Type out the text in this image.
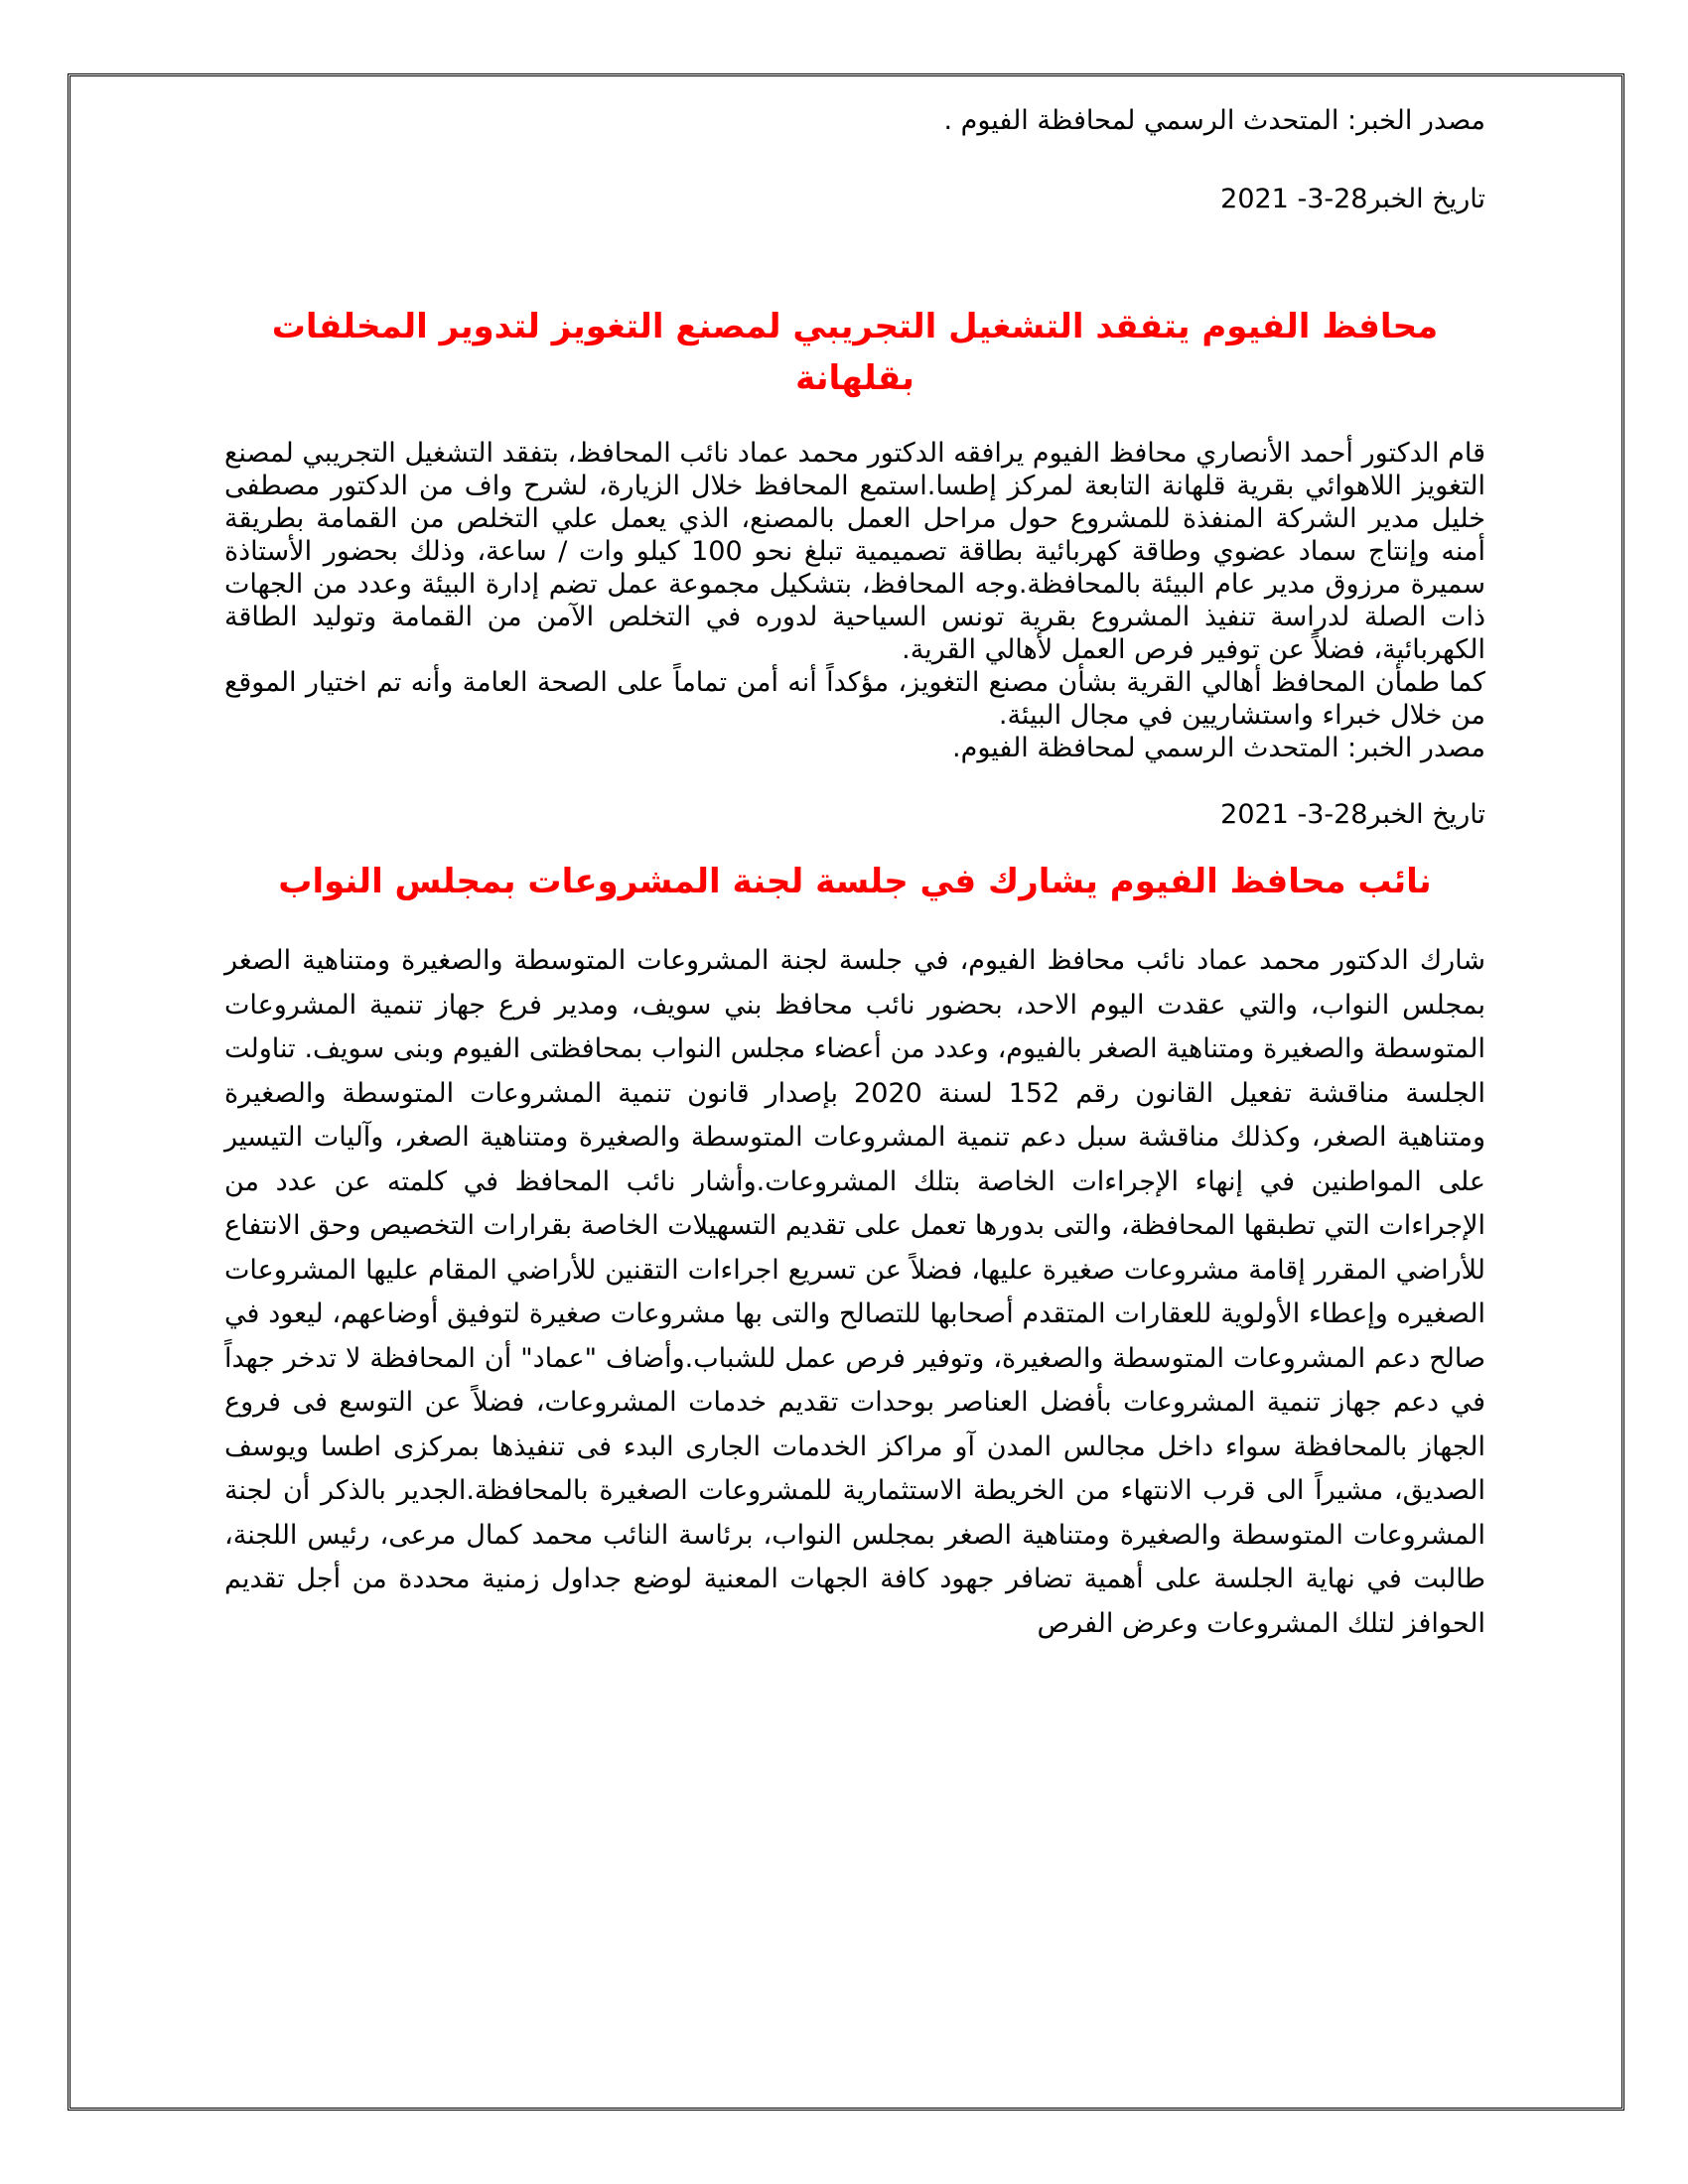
مصدر الخبر: المتحدث الرسمي لمحافظة الفيوم .

تاريخ الخبر28-3- 2021

محافظ الفيوم يتفقد التشغيل التجريبي لمصنع التغويز لتدوير المخلفات بقلهانة

قام الدكتور أحمد الأنصاري محافظ الفيوم يرافقه الدكتور محمد عماد نائب المحافظ، بتفقد التشغيل التجريبي لمصنع التغويز اللاهوائي بقرية قلهانة التابعة لمركز إطسا.استمع المحافظ خلال الزيارة، لشرح واف من الدكتور مصطفى خليل مدير الشركة المنفذة للمشروع حول مراحل العمل بالمصنع، الذي يعمل علي التخلص من القمامة بطريقة أمنه وإنتاج سماد عضوي وطاقة كهربائية بطاقة تصميمية تبلغ نحو 100 كيلو وات / ساعة، وذلك بحضور الأستاذة سميرة مرزوق مدير عام البيئة بالمحافظة.وجه المحافظ، بتشكيل مجموعة عمل تضم إدارة البيئة وعدد من الجهات ذات الصلة لدراسة تنفيذ المشروع بقرية تونس السياحية لدوره في التخلص الآمن من القمامة وتوليد الطاقة الكهربائية، فضلاً عن توفير فرص العمل لأهالي القرية.

كما طمأن المحافظ أهالي القرية بشأن مصنع التغويز، مؤكداً أنه أمن تماماً على الصحة العامة وأنه تم اختيار الموقع من خلال خبراء واستشاريين في مجال البيئة.

مصدر الخبر: المتحدث الرسمي لمحافظة الفيوم.

تاريخ الخبر28-3- 2021

نائب محافظ الفيوم يشارك في جلسة لجنة المشروعات بمجلس النواب

شارك الدكتور محمد عماد نائب محافظ الفيوم، في جلسة لجنة المشروعات المتوسطة والصغيرة ومتناهية الصغر بمجلس النواب، والتي عقدت اليوم الاحد، بحضور نائب محافظ بني سويف، ومدير فرع جهاز تنمية المشروعات المتوسطة والصغيرة ومتناهية الصغر بالفيوم، وعدد من أعضاء مجلس النواب بمحافظتى الفيوم وبنى سويف. تناولت الجلسة مناقشة تفعيل القانون رقم 152 لسنة 2020 بإصدار قانون تنمية المشروعات المتوسطة والصغيرة ومتناهية الصغر، وكذلك مناقشة سبل دعم تنمية المشروعات المتوسطة والصغيرة ومتناهية الصغر، وآليات التيسير على المواطنين في إنهاء الإجراءات الخاصة بتلك المشروعات.وأشار نائب المحافظ في كلمته عن عدد من الإجراءات التي تطبقها المحافظة، والتى بدورها تعمل على تقديم التسهيلات الخاصة بقرارات التخصيص وحق الانتفاع للأراضي المقرر إقامة مشروعات صغيرة عليها، فضلاً عن تسريع اجراءات التقنين للأراضي المقام عليها المشروعات الصغيره وإعطاء الأولوية للعقارات المتقدم أصحابها للتصالح والتى بها مشروعات صغيرة لتوفيق أوضاعهم، ليعود في صالح دعم المشروعات المتوسطة والصغيرة، وتوفير فرص عمل للشباب.وأضاف "عماد" أن المحافظة لا تدخر جهداً في دعم جهاز تنمية المشروعات بأفضل العناصر بوحدات تقديم خدمات المشروعات، فضلاً عن التوسع فى فروع الجهاز بالمحافظة سواء داخل مجالس المدن آو مراكز الخدمات الجارى البدء فى تنفيذها بمركزى اطسا ويوسف الصديق، مشيراً الى قرب الانتهاء من الخريطة الاستثمارية للمشروعات الصغيرة بالمحافظة.الجدير بالذكر أن لجنة المشروعات المتوسطة والصغيرة ومتناهية الصغر بمجلس النواب، برئاسة النائب محمد كمال مرعى، رئيس اللجنة، طالبت في نهاية الجلسة على أهمية تضافر جهود كافة الجهات المعنية لوضع جداول زمنية محددة من أجل تقديم الحوافز لتلك المشروعات وعرض الفرص
